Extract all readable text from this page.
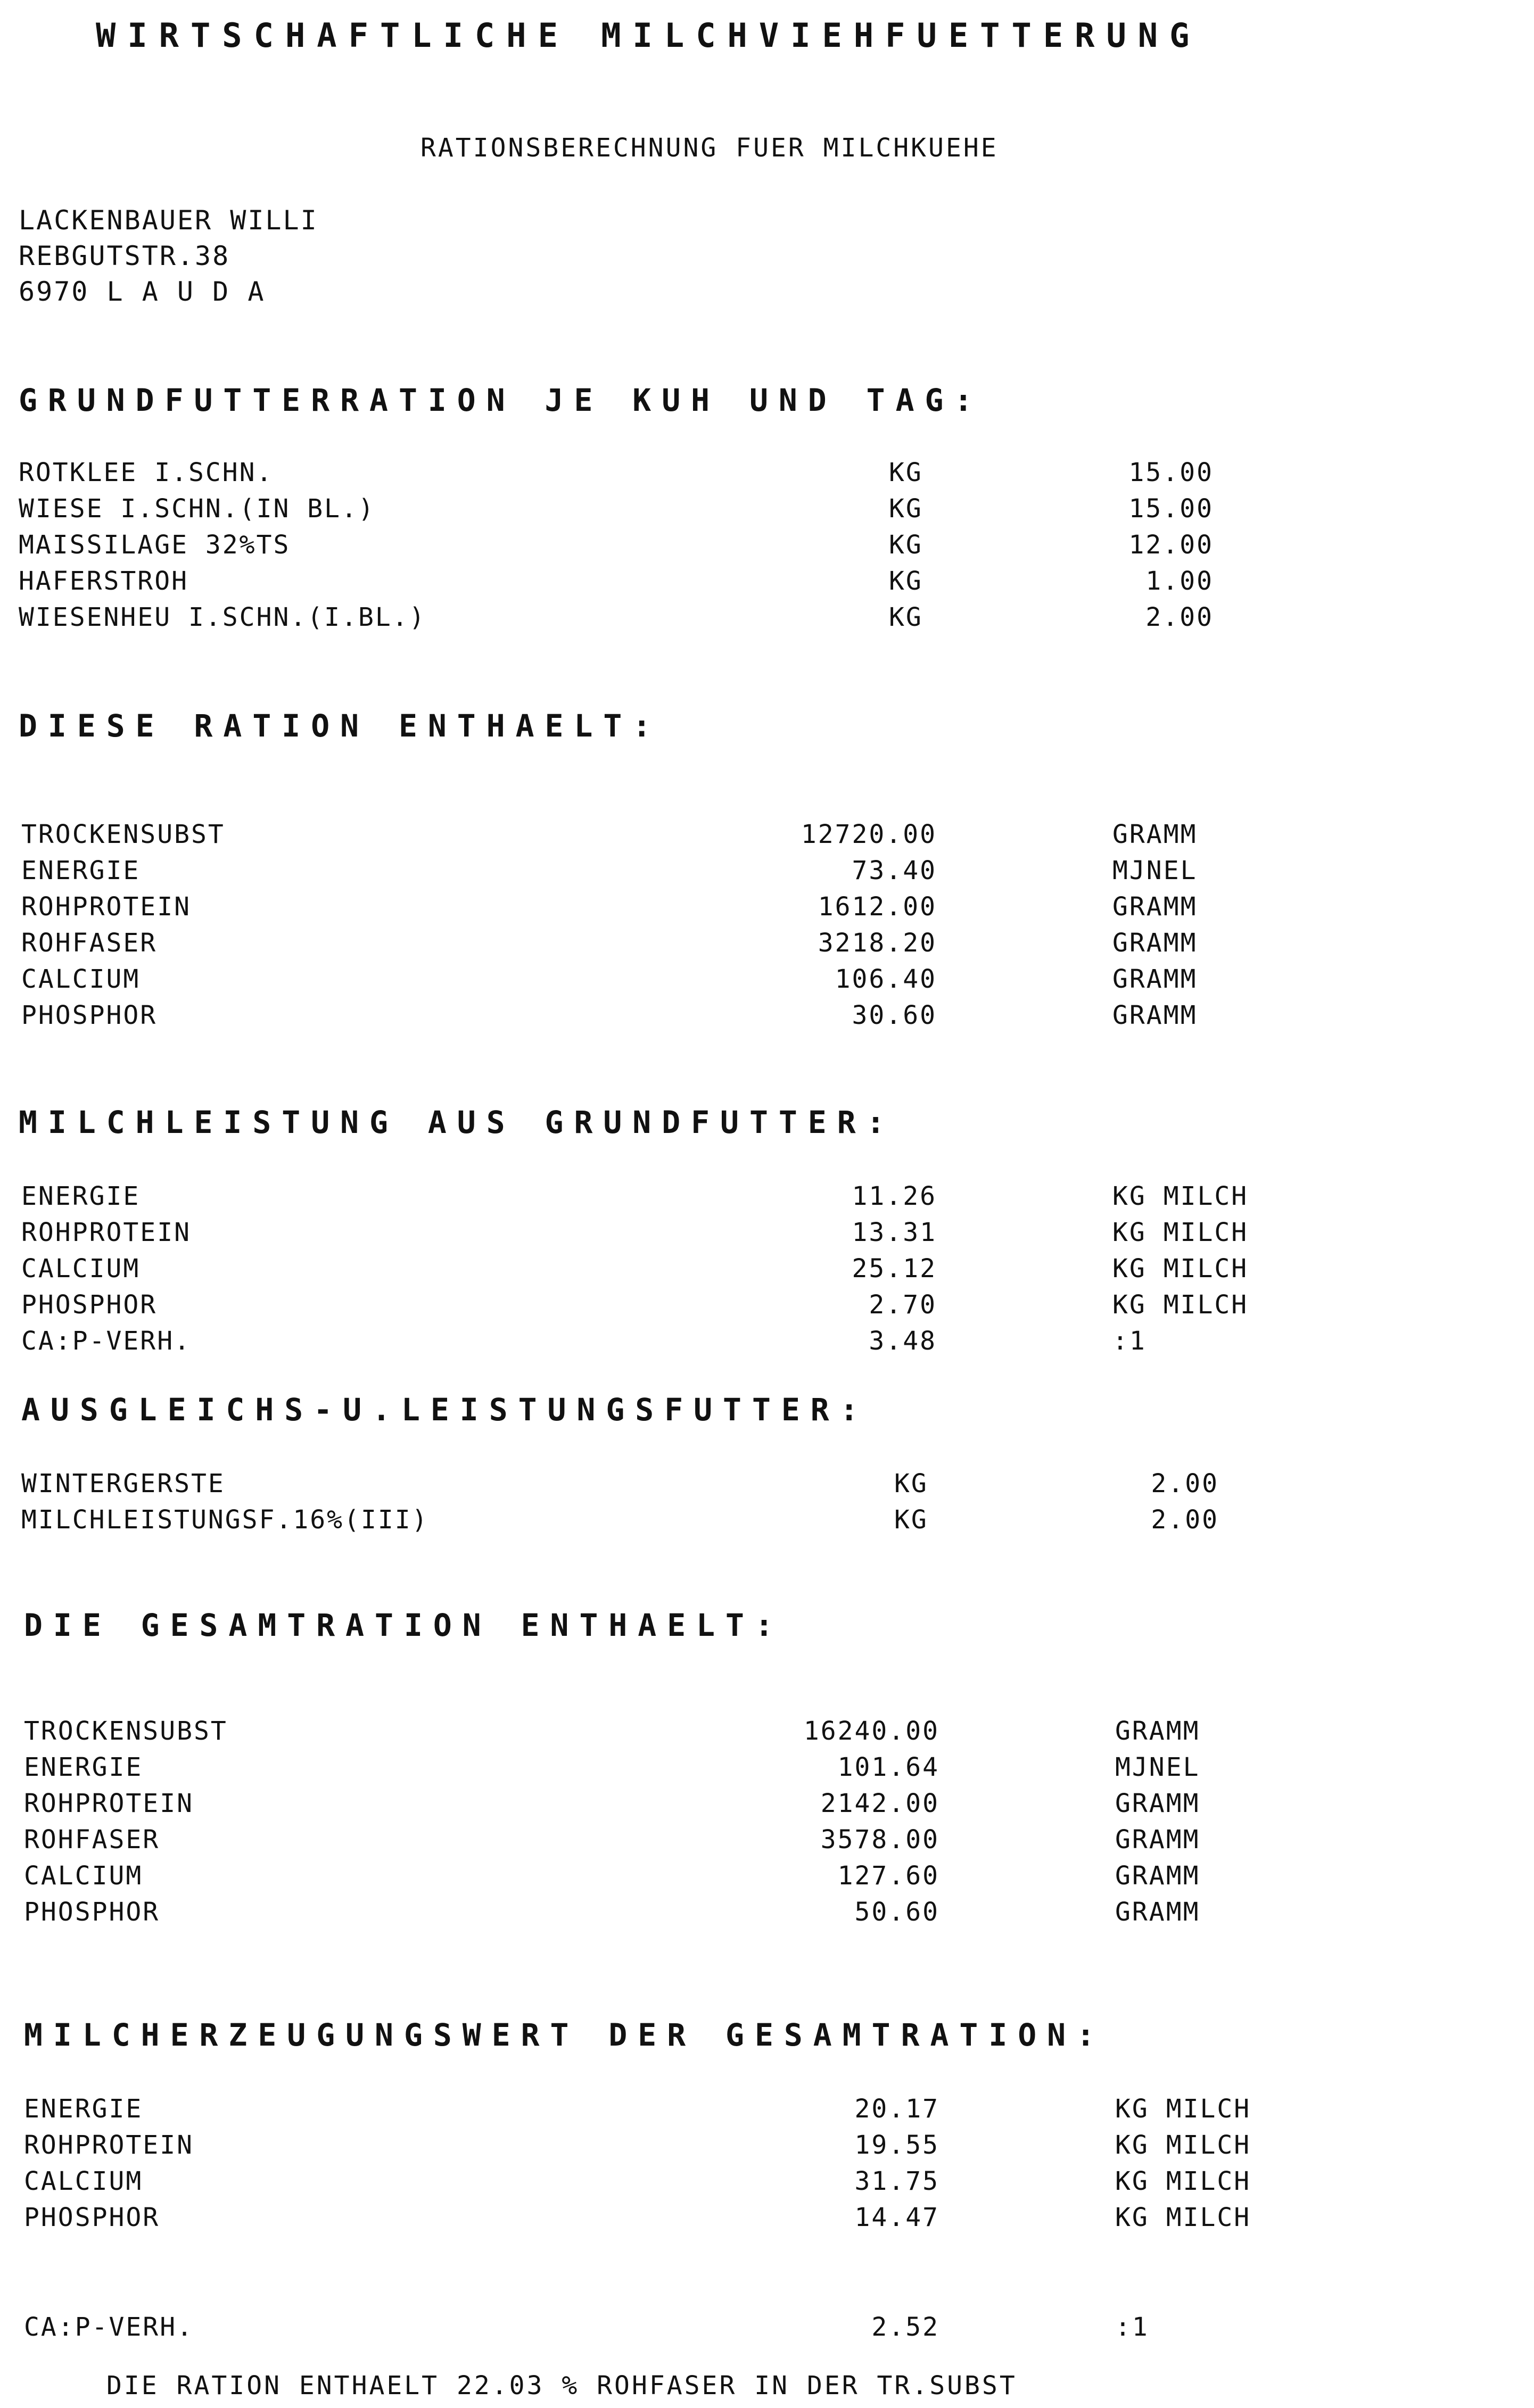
WIRTSCHAFTLICHE MILCHVIEHFUETTERUNG
RATIONSBERECHNUNG FUER MILCHKUEHE
LACKENBAUER WILLI
REBGUTSTR.38
6970 L A U D A
GRUNDFUTTERRATION JE KUH UND TAG:
ROTKLEE I.SCHN.	KG	15.00
WIESE I.SCHN.(IN BL.)	KG	15.00
MAISSILAGE 32%TS	KG	12.00
HAFERSTROH	KG	1.00
WIESENHEU I.SCHN.(I.BL.)	KG	2.00
DIESE RATION ENTHAELT:
TROCKENSUBST	12720.00	GRAMM
ENERGIE	73.40	MJNEL
ROHPROTEIN	1612.00	GRAMM
ROHFASER	3218.20	GRAMM
CALCIUM	106.40	GRAMM
PHOSPHOR	30.60	GRAMM
MILCHLEISTUNG AUS GRUNDFUTTER:
ENERGIE	11.26	KG MILCH
ROHPROTEIN	13.31	KG MILCH
CALCIUM	25.12	KG MILCH
PHOSPHOR	2.70	KG MILCH
CA:P-VERH.	3.48	:1
AUSGLEICHS-U.LEISTUNGSFUTTER:
WINTERGERSTE	KG	2.00
MILCHLEISTUNGSF.16%(III)	KG	2.00
DIE GESAMTRATION ENTHAELT:
TROCKENSUBST	16240.00	GRAMM
ENERGIE	101.64	MJNEL
ROHPROTEIN	2142.00	GRAMM
ROHFASER	3578.00	GRAMM
CALCIUM	127.60	GRAMM
PHOSPHOR	50.60	GRAMM
MILCHERZEUGUNGSWERT DER GESAMTRATION:
ENERGIE	20.17	KG MILCH
ROHPROTEIN	19.55	KG MILCH
CALCIUM	31.75	KG MILCH
PHOSPHOR	14.47	KG MILCH
CA:P-VERH.	2.52	:1
DIE RATION ENTHAELT 22.03 % ROHFASER IN DER TR.SUBST
